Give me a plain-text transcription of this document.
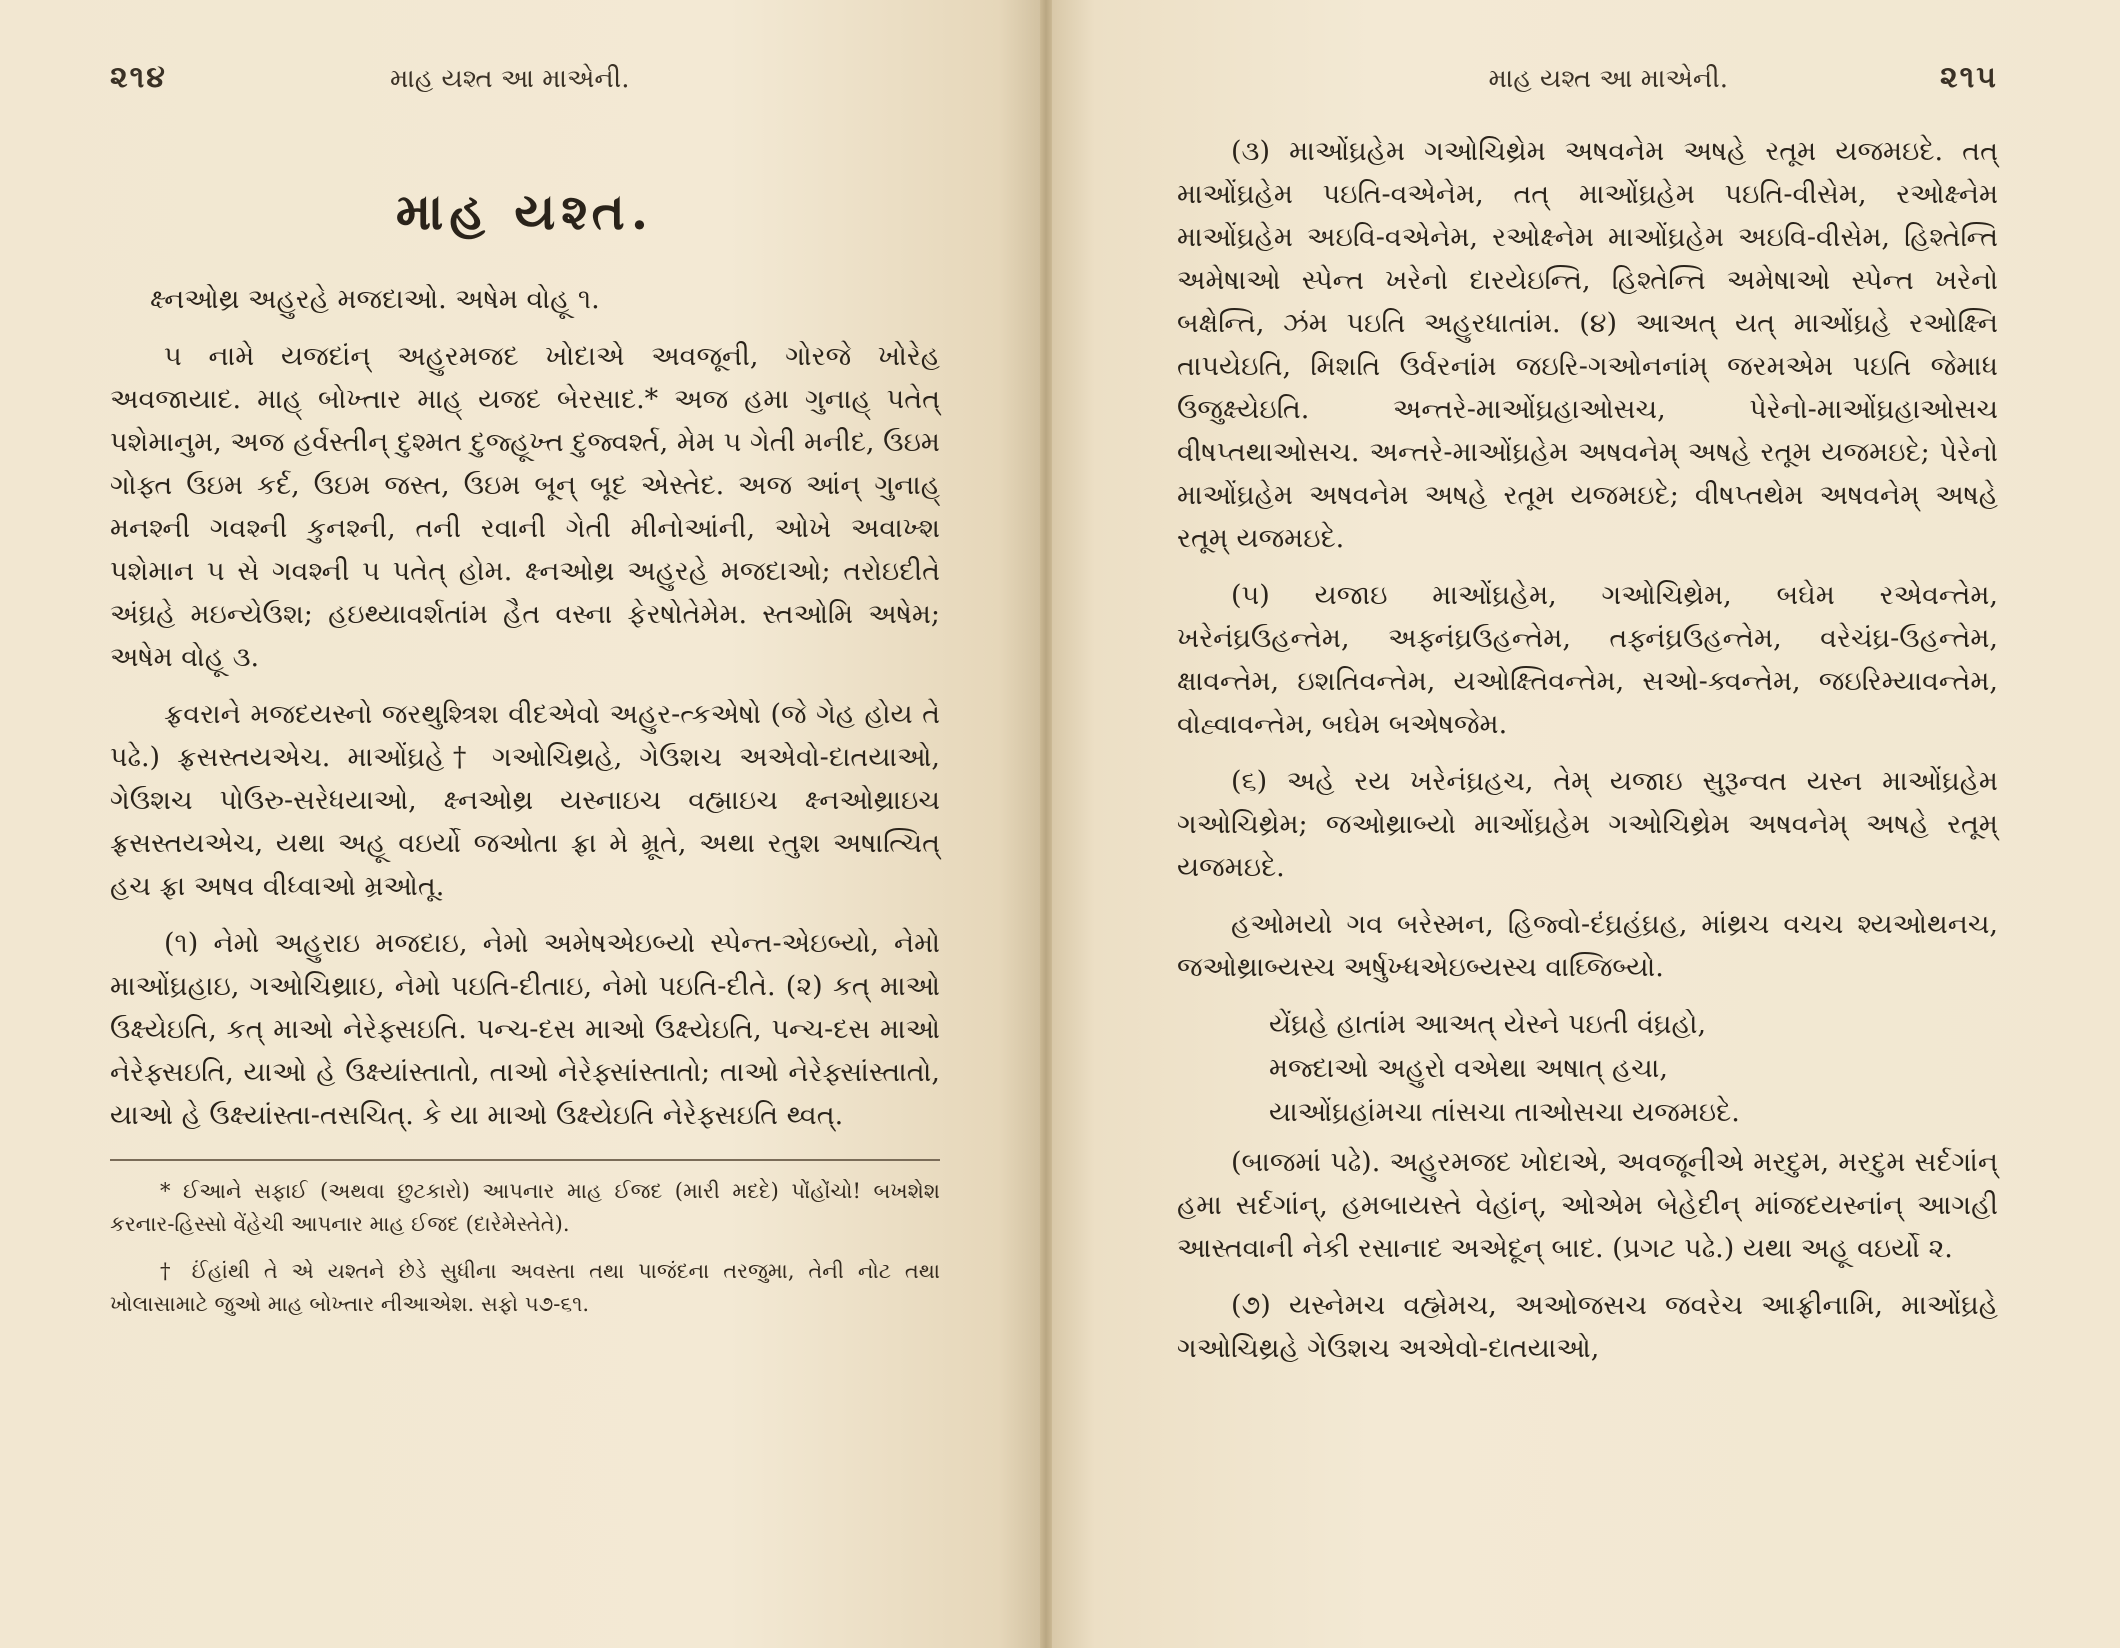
૨૧૪	માહ યશ્ત આ માએની.
માહ યશ્ત.

ક્ષ્નઓથ્ર અહુરહે મજદાઓ. અષેમ વોહૂ ૧.

૫ નામે યજદાંન્ અહુરમજદ ખોદાએ અવજૂની, ગોરજે ખોરેહ અવજાયાદ. માહ્ બોખ્તાર માહ્ યજદ બેરસાદ.* અજ હમા ગુનાહ્ પતેત્ પશેમાનુમ, અજ હર્વસ્તીન્ દુશ્મત દુજ્હૂખ્ત દુજ્વર્શ્ત, મેમ ૫ ગેતી મનીદ, ઉઇમ ગોફ્ત ઉઇમ કર્દ, ઉઇમ જસ્ત, ઉઇમ બૂન્ બૂદ એસ્તેદ. અજ આંન્ ગુનાહ્ મનશ્ની ગવશ્ની કુનશ્ની, તની રવાની ગેતી મીનોઆંની, ઓખે અવાખ્શ પશેમાન ૫ સે ગવશ્ની ૫ પતેત્ હોમ. ક્ષ્નઓથ્ર અહુરહે મજદાઓ; તરોઇદીતે અંઘ્રહે મઇન્યેઉશ; હઇથ્યાવર્શતાંમ હૈત વસ્ના ફેરષોતેમેમ. સ્તઓમિ અષેમ; અષેમ વોહૂ ૩.

ફ્રવરાને મજદયસ્નો જરથુશ્ત્રિશ વીદએવો અહુર-ત્કએષો (જે ગેહ હોય તે પઢે.) ફ્રસસ્તયએચ. માઓંઘ્રહે† ગઓચિથ્રહે, ગેઉશચ અએવો-દાતયાઓ, ગેઉશચ પોઉરુ-સરેધયાઓ, ક્ષ્નઓથ્ર યસ્નાઇચ વહ્માઇચ ક્ષ્નઓથ્રાઇચ ફ્રસસ્તયએચ, યથા અહૂ વઇર્યો જઓતા ફ્રા મે મ્રૂતે, અથા રતુશ અષાત્ચિત્ હચ ફ્રા અષવ વીધ્વાઓ મ્રઓતૂ.

(૧) નેમો અહુરાઇ મજદાઇ, નેમો અમેષએઇબ્યો સ્પેન્ત-એઇબ્યો, નેમો માઓંઘ્રહાઇ, ગઓચિથ્રાઇ, નેમો પઇતિ-દીતાઇ, નેમો પઇતિ-દીતે. (૨) કત્ માઓ ઉક્ષ્યેઇતિ, કત્ માઓ નેરેફ્સઇતિ. પન્ચ-દસ માઓ ઉક્ષ્યેઇતિ, પન્ચ-દસ માઓ નેરેફ્સઇતિ, યાઓ હે ઉક્ષ્યાંસ્તાતો, તાઓ નેરેફ્સાંસ્તાતો; તાઓ નેરેફ્સાંસ્તાતો, યાઓ હે ઉક્ષ્યાંસ્તા-તસચિત્. કે યા માઓ ઉક્ષ્યેઇતિ નેરેફ્સઇતિ થ્વત્.

* ઈઆને સફાઈ (અથવા છુટકારો) આપનાર માહ ઈજદ (મારી મદદે) પોંહોંચો! બખશેશ કરનાર-હિસ્સો વેંહેચી આપનાર માહ ઈજદ (દારેમેસ્તેતે).

† ઈંહાંથી તે એ યશ્તને છેડે સુધીના અવસ્તા તથા પાજંદના તરજુમા, તેની નોટ તથા ખોલાસામાટે જુઓ માહ બોખ્તાર નીઆએશ. સફો ૫૭-૬૧.

માહ યશ્ત આ માએની.	૨૧૫

(૩) માઓંઘ્રહેમ ગઓચિથ્રેમ અષવનેમ અષહે રતૂમ યજમઇદે. તત્ માઓંઘ્રહેમ પઇતિ-વએનેમ, તત્ માઓંઘ્રહેમ પઇતિ-વીસેમ, રઓક્ષ્નેમ માઓંઘ્રહેમ અઇવિ-વએનેમ, રઓક્ષ્નેમ માઓંઘ્રહેમ અઇવિ-વીસેમ, હિશ્તેન્તિ અમેષાઓ સ્પેન્ત ખરેનો દારયેઇન્તિ, હિશ્તેન્તિ અમેષાઓ સ્પેન્ત ખરેનો બક્ષેન્તિ, ઝંમ પઇતિ અહુરધાતાંમ. (૪) આઅત્ યત્ માઓંઘ્રહે રઓક્ષ્નિ તાપયેઇતિ, મિશતિ ઉર્વરનાંમ જઇરિ-ગઓનનાંમ્ જરમએમ પઇતિ જેમાધ ઉજુક્ષ્યેઇતિ. અન્તરે-માઓંઘ્રહાઓસચ, પેરેનો-માઓંઘ્રહાઓસચ વીષપ્તથાઓસચ. અન્તરે-માઓંઘ્રહેમ અષવનેમ્ અષહે રતૂમ યજમઇદે; પેરેનો માઓંઘ્રહેમ અષવનેમ અષહે રતૂમ યજમઇદે; વીષપ્તથેમ અષવનેમ્ અષહે રતૂમ્ યજમઇદે.

(૫) યજાઇ માઓંઘ્રહેમ, ગઓચિથ્રેમ, બઘેમ રએવન્તેમ, ખરેનંઘ્રઉહન્તેમ, અફ્નંઘ્રઉહન્તેમ, તફ્નંઘ્રઉહન્તેમ, વરેચંઘ્ર-ઉહન્તેમ, ક્ષાવન્તેમ, ઇશતિવન્તેમ, યઓક્ષ્તિવન્તેમ, સઓ-ક્વન્તેમ, જઇરિમ્યાવન્તેમ, વોહ્વાવન્તેમ, બઘેમ બએષજેમ.

(૬) અહે રય ખરેનંઘ્રહચ, તેમ્ યજાઇ સુરૂન્વત યસ્ન માઓંઘ્રહેમ ગઓચિથ્રેમ; જઓથ્રાબ્યો માઓંઘ્રહેમ ગઓચિથ્રેમ અષવનેમ્ અષહે રતૂમ્ યજમઇદે.

હઓમયો ગવ બરેસ્મન, હિજ્વો-દંઘ્રહંઘ્રહ, માંથ્રચ વચચ શ્યઓથનચ, જઓથ્રાબ્યસ્ચ અર્ષુખ્ધએઇબ્યસ્ચ વાઘ્જિબ્યો.

યેંઘ્રહે હાતાંમ આઅત્ યેસ્ને પઇતી વંઘ્રહો,
મજ્દાઓ અહુરો વએથા અષાત્ હચા,
યાઓંઘ્રહાંમચા તાંસચા તાઓસચા યજમઇદે.

(બાજમાં પઢે). અહુરમજદ ખોદાએ, અવજૂનીએ મરદુમ, મરદુમ સર્દગાંન્ હમા સર્દગાંન્, હમબાયસ્તે વેહાંન્, ઓએમ બેહેદીન્ માંજદયસ્નાંન્ આગહી આસ્તવાની નેકી રસાનાદ અએદૂન્ બાદ. (પ્રગટ પઢે.) યથા અહૂ વઇર્યો ૨.

(૭) યસ્નેમચ વહ્મેમચ, અઓજસચ જવરેચ આફ્રીનામિ, માઓંઘ્રહે ગઓચિથ્રહે ગેઉશચ અએવો-દાતયાઓ,
